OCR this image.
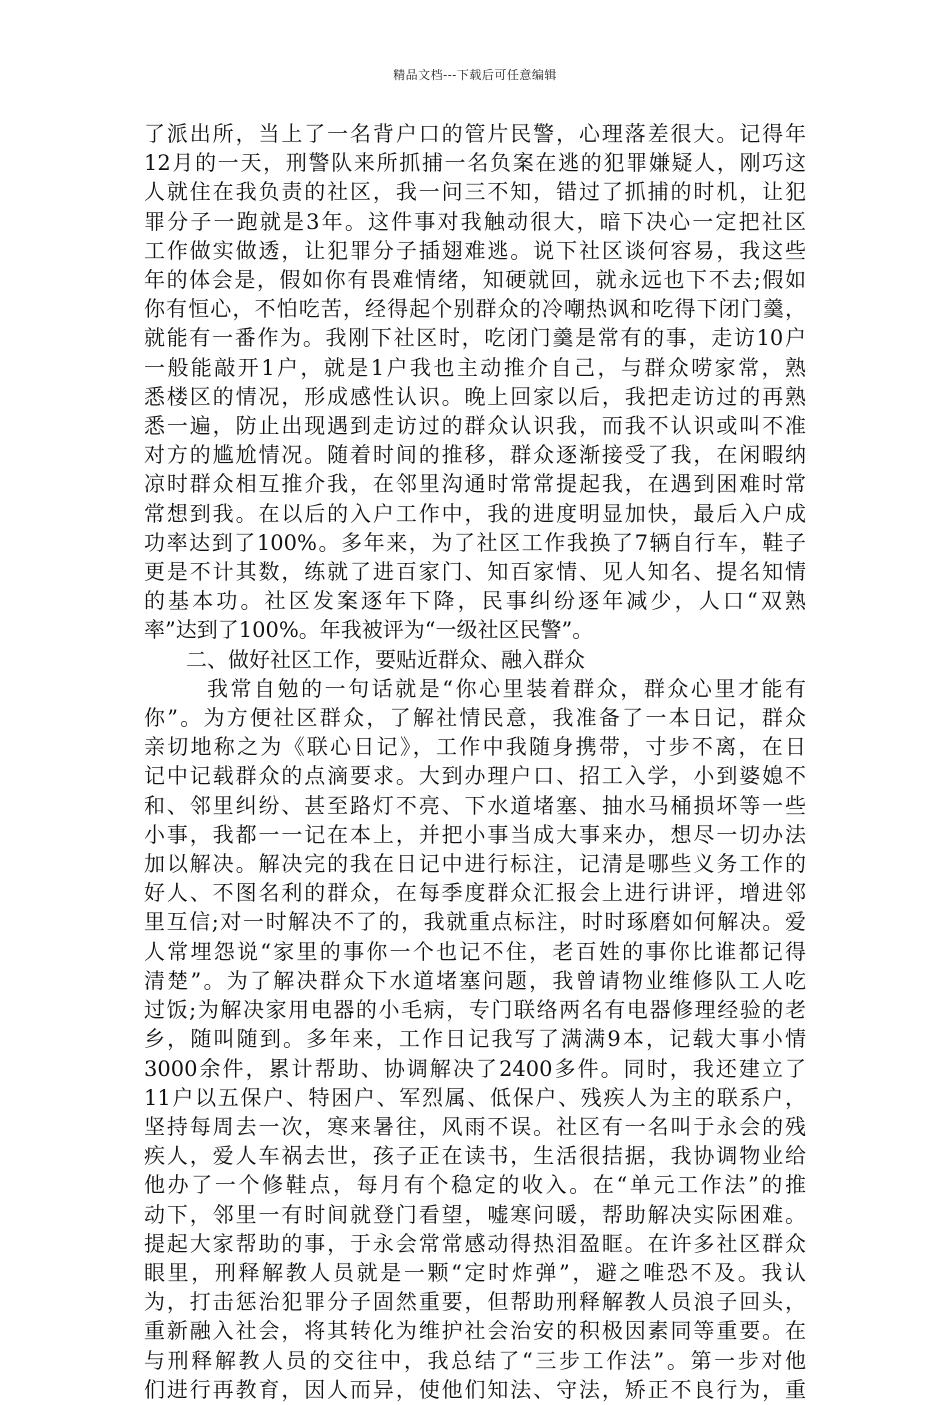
精品文档---下载后可任意编辑
了派出所，当上了一名背户口的管片民警，心理落差很大。记得年
12月的一天，刑警队来所抓捕一名负案在逃的犯罪嫌疑人，刚巧这
人就住在我负责的社区，我一问三不知，错过了抓捕的时机，让犯
罪分子一跑就是3年。这件事对我触动很大，暗下决心一定把社区
工作做实做透，让犯罪分子插翅难逃。说下社区谈何容易，我这些
年的体会是，假如你有畏难情绪，知硬就回，就永远也下不去;假如
你有恒心，不怕吃苦，经得起个别群众的冷嘲热讽和吃得下闭门羹，
就能有一番作为。我刚下社区时，吃闭门羹是常有的事，走访10户
一般能敲开1户，就是1户我也主动推介自己，与群众唠家常，熟
悉楼区的情况，形成感性认识。晚上回家以后，我把走访过的再熟
悉一遍，防止出现遇到走访过的群众认识我，而我不认识或叫不准
对方的尴尬情况。随着时间的推移，群众逐渐接受了我，在闲暇纳
凉时群众相互推介我，在邻里沟通时常常提起我，在遇到困难时常
常想到我。在以后的入户工作中，我的进度明显加快，最后入户成
功率达到了100%。多年来，为了社区工作我换了7辆自行车，鞋子
更是不计其数，练就了进百家门、知百家情、见人知名、提名知情
的基本功。社区发案逐年下降，民事纠纷逐年减少，人口“双熟
率”达到了100%。年我被评为“一级社区民警”。
二、做好社区工作，要贴近群众、融入群众
我常自勉的一句话就是“你心里装着群众，群众心里才能有
你”。为方便社区群众，了解社情民意，我准备了一本日记，群众
亲切地称之为《联心日记》，工作中我随身携带，寸步不离，在日
记中记载群众的点滴要求。大到办理户口、招工入学，小到婆媳不
和、邻里纠纷、甚至路灯不亮、下水道堵塞、抽水马桶损坏等一些
小事，我都一一记在本上，并把小事当成大事来办，想尽一切办法
加以解决。解决完的我在日记中进行标注，记清是哪些义务工作的
好人、不图名利的群众，在每季度群众汇报会上进行讲评，增进邻
里互信;对一时解决不了的，我就重点标注，时时琢磨如何解决。爱
人常埋怨说“家里的事你一个也记不住，老百姓的事你比谁都记得
清楚”。为了解决群众下水道堵塞问题，我曾请物业维修队工人吃
过饭;为解决家用电器的小毛病，专门联络两名有电器修理经验的老
乡，随叫随到。多年来，工作日记我写了满满9本，记载大事小情
3000余件，累计帮助、协调解决了2400多件。同时，我还建立了
11户以五保户、特困户、军烈属、低保户、残疾人为主的联系户，
坚持每周去一次，寒来暑往，风雨不误。社区有一名叫于永会的残
疾人，爱人车祸去世，孩子正在读书，生活很拮据，我协调物业给
他办了一个修鞋点，每月有个稳定的收入。在“单元工作法”的推
动下，邻里一有时间就登门看望，嘘寒问暖，帮助解决实际困难。
提起大家帮助的事，于永会常常感动得热泪盈眶。在许多社区群众
眼里，刑释解教人员就是一颗“定时炸弹”，避之唯恐不及。我认
为，打击惩治犯罪分子固然重要，但帮助刑释解教人员浪子回头，
重新融入社会，将其转化为维护社会治安的积极因素同等重要。在
与刑释解教人员的交往中，我总结了“三步工作法”。第一步对他
们进行再教育，因人而异，使他们知法、守法，矫正不良行为，重
